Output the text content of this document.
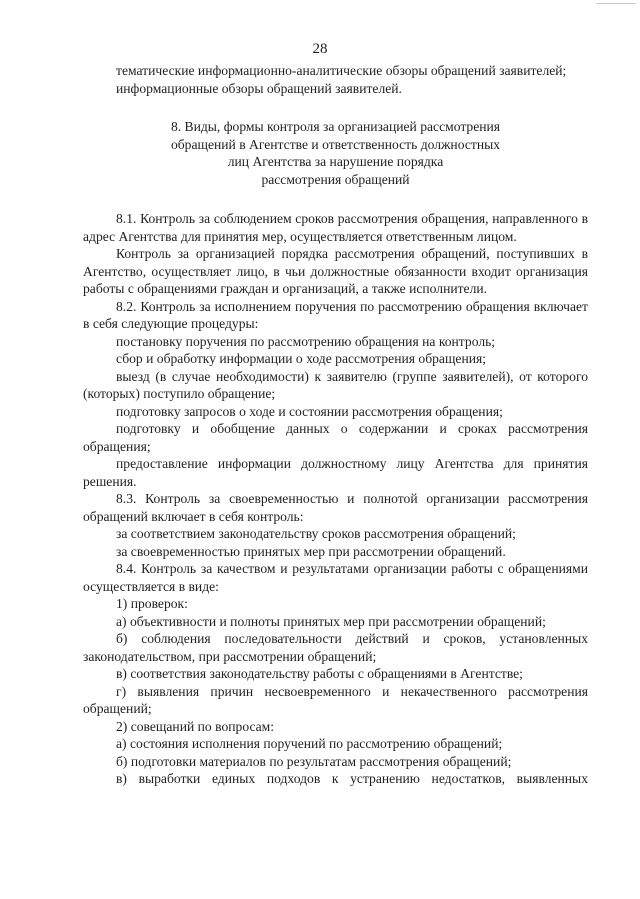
28

тематические информационно-аналитические обзоры обращений заявителей;

информационные обзоры обращений заявителей.

8. Виды, формы контроля за организацией рассмотрения
обращений в Агентстве и ответственность должностных
лиц Агентства за нарушение порядка
рассмотрения обращений

8.1. Контроль за соблюдением сроков рассмотрения обращения, направленного в адрес Агентства для принятия мер, осуществляется ответственным лицом.

Контроль за организацией порядка рассмотрения обращений, поступивших в Агентство, осуществляет лицо, в чьи должностные обязанности входит организация работы с обращениями граждан и организаций, а также исполнители.

8.2. Контроль за исполнением поручения по рассмотрению обращения включает в себя следующие процедуры:

постановку поручения по рассмотрению обращения на контроль;

сбор и обработку информации о ходе рассмотрения обращения;

выезд (в случае необходимости) к заявителю (группе заявителей), от которого (которых) поступило обращение;

подготовку запросов о ходе и состоянии рассмотрения обращения;

подготовку и обобщение данных о содержании и сроках рассмотрения обращения;

предоставление информации должностному лицу Агентства для принятия решения.

8.3. Контроль за своевременностью и полнотой организации рассмотрения обращений включает в себя контроль:

за соответствием законодательству сроков рассмотрения обращений;

за своевременностью принятых мер при рассмотрении обращений.

8.4. Контроль за качеством и результатами организации работы с обращениями осуществляется в виде:

1) проверок:

а) объективности и полноты принятых мер при рассмотрении обращений;

б) соблюдения последовательности действий и сроков, установленных законодательством, при рассмотрении обращений;

в) соответствия законодательству работы с обращениями в Агентстве;

г) выявления причин несвоевременного и некачественного рассмотрения обращений;

2) совещаний по вопросам:

а) состояния исполнения поручений по рассмотрению обращений;

б) подготовки материалов по результатам рассмотрения обращений;

в) выработки единых подходов к устранению недостатков, выявленных
